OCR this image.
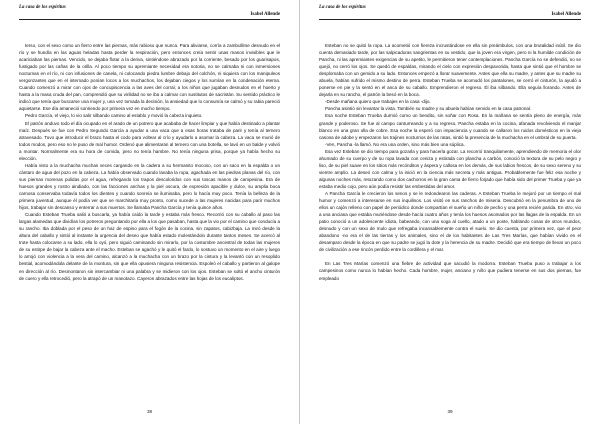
La casa de los espíritus
Isabel Allende

terso, con el sexo como un fierro entre las piernas, más rabioso que nunca. Para aliviarse, corría a zambullirse desnudo en el río y se hundía en las aguas heladas hasta perder la respiración, pero entonces creía sentir unas manos invisibles que le acariciaban las piernas. Vencido, se dejaba flotar a la deriva, sintiéndose abrazado por la corriente, besado por los guarisapos, fustigado por las cañas de la orilla. Al poco tiempo su apremiante necesidad era notoria, no se calmaba ni con inmersiones nocturnas en el río, ni con infusiones de canela, ni colocando piedra lumbre debajo del colchón, ni siquiera con los manipuleos vergonzantes que en el internado ponían locos a los muchachos, los dejaban ciegos y los sumían en la condenación eterna. Cuando comenzó a mirar con ojos de concupiscencia a las aves del corral, a los niños que jugaban desnudos en el huerto y hasta a la masa cruda del pan, comprendió que su virilidad no se iba a calmar con sustitutos de sacristán. Su sentido práctico le indicó que tenía que buscarse una mujer y, una vez tomada la decisión, la ansiedad que lo consumía se calmó y su rabia pareció aquietarse. Ese día amaneció sonriendo por primera vez en mucho tiempo.

Pedro García, el viejo, lo vio salir silbando camino al establo y movió la cabeza inquieto.

El patrón anduvo todo el día ocupado en el arado de un potrero que acababa de hacer limpiar y que había destinado a plantar maíz. Después se fue con Pedro Segundo García a ayudar a una vaca que a esas horas trataba de parir y tenía al ternero atravesado. Tuvo que introducir el brazo hasta el codo para voltear al crío y ayudarlo a asomar la cabeza. La vaca se murió de todos modos, pero eso no le puso de mal humor. Ordenó que alimentaran al ternero con una botella, se lavó en un balde y volvió a montar. Normalmente era su hora de comida, pero no tenía hambre. No tenía ninguna prisa, porque ya había hecho su elección.

Había visto a la muchacha muchas veces cargando en la cadera a su hermanito mocoso, con un saco en la espalda o un cántaro de agua del pozo en la cabeza. La había observado cuando lavaba la ropa, agachada en las piedras planas del río, con sus piernas morenas pulidas por el agua, refregando los trapos descoloridos con sus toscas manos de campesina. Era de huesos grandes y rostro aindiado, con las facciones anchas y la piel oscura, de expresión apacible y dulce, su amplia boca carnosa conservaba todavía todos los dientes y cuando sonreía se iluminaba, pero lo hacía muy poco. Tenía la belleza de la primera juventud, aunque él podía ver que se marchitaría muy pronto, como sucede a las mujeres nacidas para parir muchos hijos, trabajar sin descanso y enterrar a sus muertos. Se llamaba Pancha García y tenía quince años.

Cuando Esteban Trueba salió a buscarla, ya había caído la tarde y estaba más fresco. Recorrió con su caballo al paso las largas alamedas que dividían los potreros preguntando por ella a los que pasaban, hasta que la vio por el camino que conducía a su rancho. Iba doblada por el peso de un haz de espino para el fogón de la cocina, sin zapatos, cabizbaja. La miró desde la altura del caballo y sintió al instante la urgencia del deseo que había estado molestándolo durante tantos meses. Se acercó al trote hasta colocarse a su lado, ella lo oyó, pero siguió caminando sin mirarlo, por la costumbre ancestral de todas las mujeres de su estirpe de bajar la cabeza ante el macho. Esteban se agachó y le quitó el fardo, lo sostuvo un momento en el aire y luego lo arrojó con violencia a la vera del camino, alcanzó a la muchacha con un brazo por la cintura y la levantó con un resoplido bestial, acomodándola delante de la montura, sin que ella opusiera ninguna resistencia. Espoleó el caballo y partieron al galope en dirección al río. Desmontaron sin intercambiar ni una palabra y se midieron con los ojos. Esteban se soltó el ancho cinturón de cuero y ella retrocedió, pero la atrapó de un manotazo. Cayeron abrazados entre las hojas de los eucaliptos.

38
La casa de los espíritus
Isabel Allende

Esteban no se quitó la ropa. La acometió con fiereza incrustándose en ella sin preámbulos, con una brutalidad inútil. Se dio cuenta demasiado tarde, por las salpicaduras sangrientas en su vestido, que la joven era virgen, pero ni la humilde condición de Pancha, ni las apremiantes exigencias de su apetito, le permitieron tener contemplaciones. Pancha García no se defendió, no se quejó, no cerró los ojos. Se quedó de espaldas, mirando el cielo con expresión despavorida, hasta que sintió que el hombre se desplomaba con un gemido a su lado. Entonces empezó a llorar suavemente. Antes que ella su madre, y antes que su madre su abuela, habían sufrido el mismo destino de perra. Esteban Trueba se acomodó los pantalones, se cerró el cinturón, la ayudó a ponerse en pie y la sentó en el anca de su caballo. Emprendieron el regreso. Él iba silbando. Ella seguía llorando. Antes de dejarla en su rancho, el patrón la besó en la boca.

-Desde mañana quiero que trabajes en la casa -dijo.

Pancha asintió sin levantar la vista. También su madre y su abuela habían servido en la casa patronal.

Esa noche Esteban Trueba durmió como un bendito, sin soñar con Rosa. En la mañana se sentía pleno de energía, más grande y poderoso. Se fue al campo canturreando y a su regreso, Pancha estaba en la cocina, afanada revolviendo el manjar blanco en una gran olla de cobre. Esa noche la esperó con impaciencia y cuando se callaron los ruidos domésticos en la vieja casona de adobe y empezaron los trajines nocturnos de las ratas, sintió la presencia de la muchacha en el umbral de su puerta.

-Ven, Pancha -la llamó. No era una orden, sino más bien una súplica.

Esa vez Esteban se dio tiempo para gozarla y para hacerla gozar. La recorrió tranquilamente, aprendiendo de memoria el olor ahumado de su cuerpo y de su ropa lavada con ceniza y estirada con plancha a carbón, conoció la textura de su pelo negro y liso, de su piel suave en los sitios más recónditos y áspera y callosa en los demás, de sus labios frescos, de su sexo sereno y su vientre amplio. La deseó con calma y la inició en la ciencia más secreta y más antigua. Probablemente fue feliz esa noche y algunas noches más, retozando como dos cachorros en la gran cama de fierro forjado que había sido del primer Trueba y que ya estaba medio cojo, pero aún podía resistir las embestidas del amor.

A Pancha García le crecieron los senos y se le redondearon las caderas. A Esteban Trueba le mejoró por un tiempo el mal humor y comenzó a interesarse en sus inquilinos. Los visitó en sus ranchos de miseria. Descubrió en la penumbra de uno de ellos un cajón relleno con papel de periódico donde compartían el sueño un niño de pecho y una perra recién parida. En otro, vio a una anciana que estaba muriéndose desde hacía cuatro años y tenía los huesos asomados por las llagas de la espalda. En un patio conoció a un adolescente idiota, babeando, con una soga al cuello, atado a un poste, hablando cosas de otros mundos, desnudo y con un sexo de mulo que refregaba incansablemente contra el suelo. Se dio cuenta, por primera vez, que el peor abandono -no era el de las tierras y los animales, sino el de los habitantes de Las Tres Marías, que habían vivido en el desamparo desde la época en que su padre se jugó la dote y la herencia de su madre. Decidió que era tiempo de llevar un poco de civilización a ese rincón perdido entre la cordillera y el mar.

En Las Tres Marías comenzó una fiebre de actividad que sacudió la modorra. Esteban Trueba puso a trabajar a los campesinos como nunca lo habían hecho. Cada hombre, mujer, anciano y niño que pudiera tenerse en sus dos piernas, fue empleado

39
